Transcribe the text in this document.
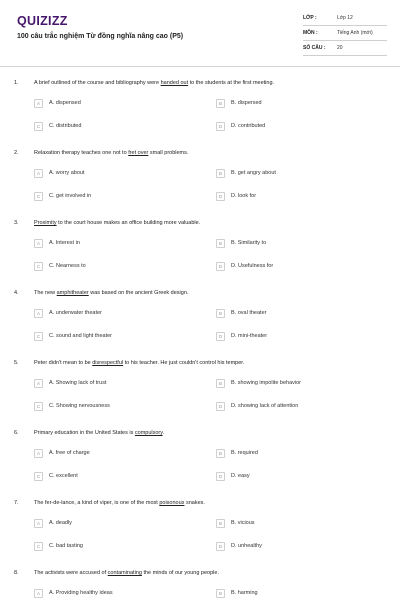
QUIZIZZ
100 câu trắc nghiệm Từ đồng nghĩa nâng cao (P5)
LỚP :	Lớp 12
MÔN :	Tiếng Anh (mới)
SỐ CÂU :	20
1.	A brief outlined of the course and bibliography were handed out to the students at the first meeting.
A	A. dispensed	B	B. dispersed
C	C. distributed	D	D. contributed
2.	Relaxation therapy teaches one not to fret over small problems.
A	A. worry about	B	B. get angry about
C	C. get involved in	D	D. look for
3.	Proximity to the court house makes an office building more valuable.
A	A. Interest in	B	B. Similarity to
C	C. Nearness to	D	D. Usefulness for
4.	The new amphitheater was based on the ancient Greek design.
A	A. underwater theater	B	B. oval theater
C	C. sound and light theater	D	D. mini-theater
5.	Peter didn't mean to be disrespectful to his teacher. He just couldn't control his temper.
A	A. Showing lack of trust	B	B. showing impolite behavior
C	C. Showing nervousness	D	D. showing lack of attention
6.	Primary education in the United States is compulsory.
A	A. free of charge	B	B. required
C	C. excellent	D	D. easy
7.	The fer-de-lance, a kind of viper, is one of the most poisonous snakes.
A	A. deadly	B	B. vicious
C	C. bad tasting	D	D. unhealthy
8.	The activists were accused of contaminating the minds of our young people.
A	A. Providing healthy ideas	B	B. harming
